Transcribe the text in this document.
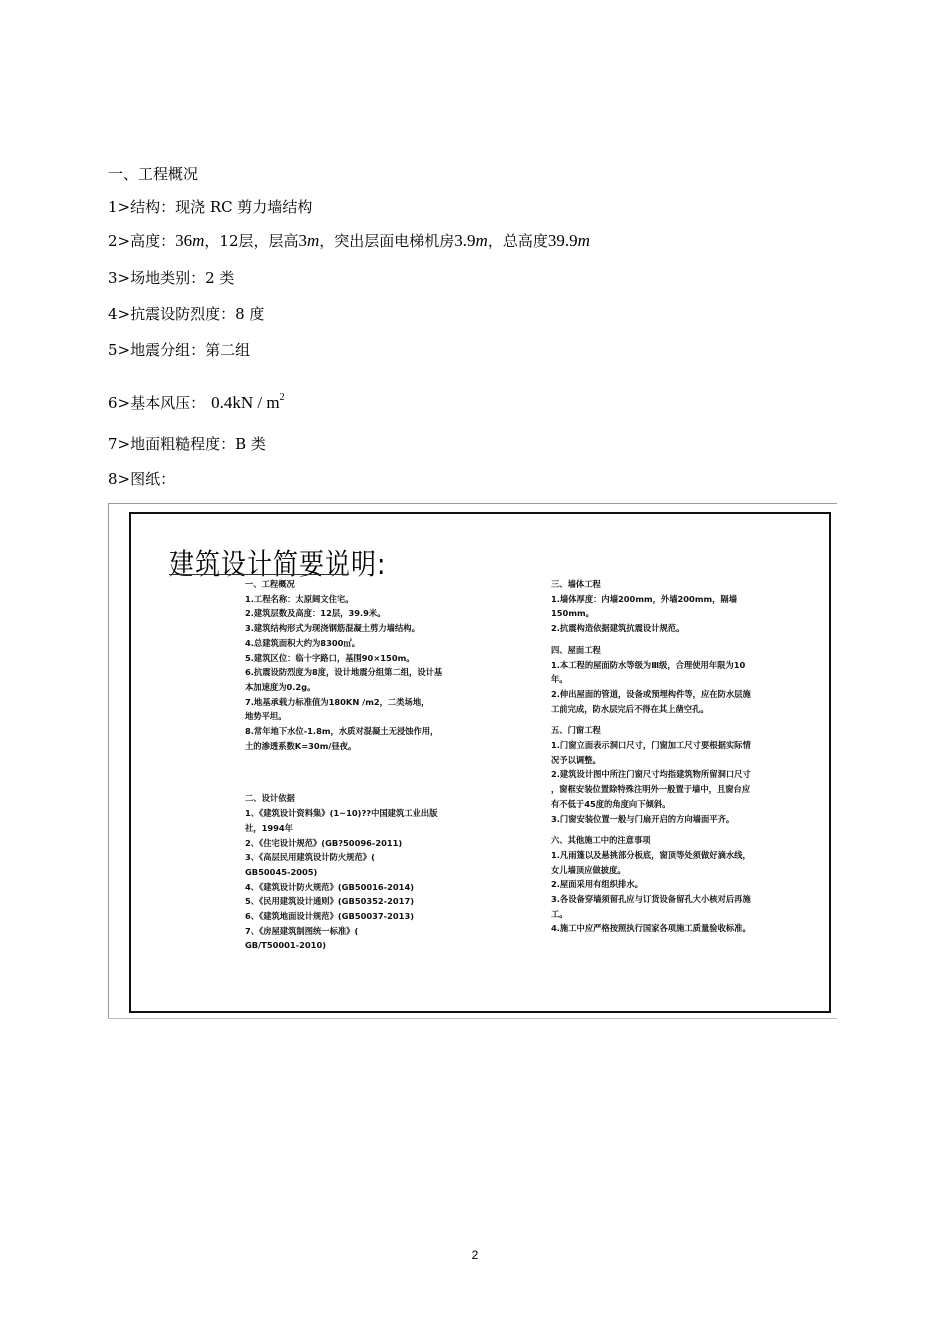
一、工程概况
1>结构：现浇 RC 剪力墙结构
2>高度：36m，12层，层高3m，突出层面电梯机房3.9m，总高度39.9m
3>场地类别：2 类
4>抗震设防烈度：8 度
5>地震分组：第二组
6>基本风压： $0.4kN / m^2$
7>地面粗糙程度：B 类
8>图纸：
建筑设计简要说明:
一、工程概况
1.工程名称：太原阔文住宅。
2.建筑层数及高度：12层，39.9米。
3.建筑结构形式为现浇钢筋混凝土剪力墙结构。
4.总建筑面积大约为8300㎡。
5.建筑区位：临十字路口，基围90×150m。
6.抗震设防烈度为8度，设计地震分组第二组，设计基
本加速度为0.2g。
7.地基承载力标准值为180KN /m2，二类场地，
地势平坦。
8.常年地下水位-1.8m，水质对混凝土无浸蚀作用，
土的渗透系数K=30m/昼夜。
二、设计依据
1、《建筑设计资料集》(1~10)??中国建筑工业出版
社，1994年
2、《住宅设计规范》(GB?50096-2011)
3、《高层民用建筑设计防火规范》(
GB50045-2005)
4、《建筑设计防火规范》(GB50016-2014)
5、《民用建筑设计通则》(GB50352-2017)
6、《建筑地面设计规范》(GB50037-2013)
7、《房屋建筑制图统一标准》(
GB/T50001-2010)
三、墙体工程
1.墙体厚度：内墙200mm，外墙200mm，隔墙
150mm。
2.抗震构造依据建筑抗震设计规范。
四、屋面工程
1.本工程的屋面防水等级为Ⅲ级，合理使用年限为10
年。
2.伸出屋面的管道，设备或预埋构件等，应在防水层施
工前完成，防水层完后不得在其上凿空孔。
五、门窗工程
1.门窗立面表示洞口尺寸，门窗加工尺寸要根据实际情
况予以调整。
2.建筑设计图中所注门窗尺寸均指建筑物所留洞口尺寸
，窗框安装位置除特殊注明外一般置于墙中，且窗台应
有不低于45度的角度向下倾斜。
3.门窗安装位置一般与门扇开启的方向墙面平齐。
六、其他施工中的注意事项
1.凡雨篷以及悬挑部分板底，窗顶等处须做好滴水线，
女儿墙顶应做披度。
2.屋面采用有组织排水。
3.各设备穿墙须留孔应与订货设备留孔大小核对后再施
工。
4.施工中应严格按照执行国家各项施工质量验收标准。
2
